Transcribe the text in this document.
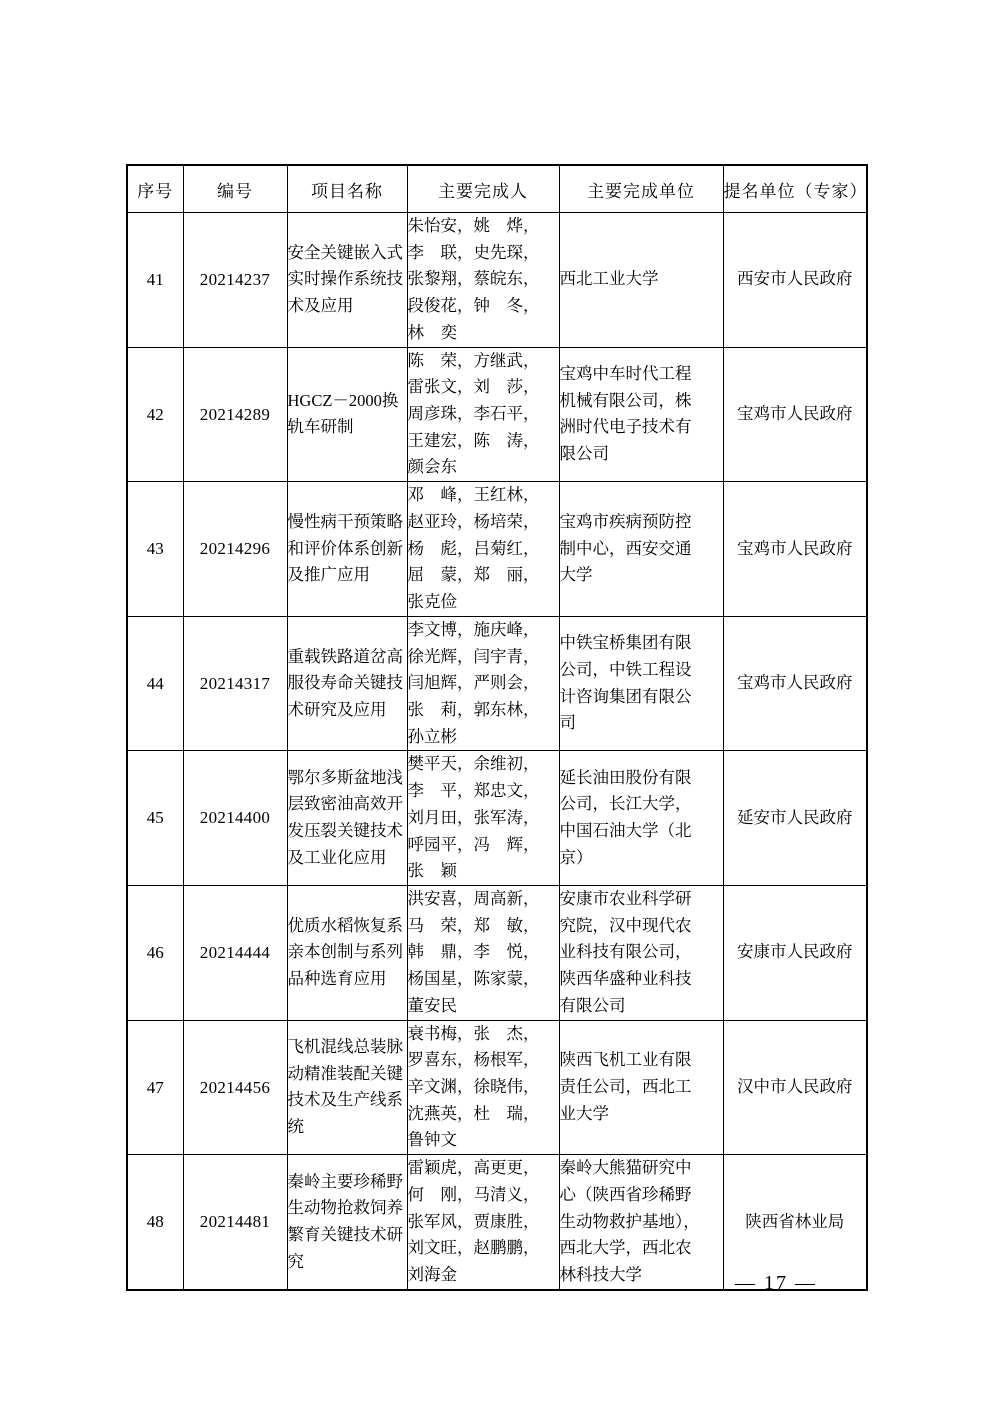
序号	编号	项目名称	主要完成人	主要完成单位	提名单位（专家）
41	20214237	安全关键嵌入式
实时操作系统技
术及应用	朱怡安，姚　烨，
李　联，史先琛，
张黎翔，蔡皖东，
段俊花，钟　冬，
林　奕	西北工业大学	西安市人民政府
42	20214289	HGCZ－2000换
轨车研制	陈　荣，方继武，
雷张文，刘　莎，
周彦珠，李石平，
王建宏，陈　涛，
颜会东	宝鸡中车时代工程
机械有限公司，株
洲时代电子技术有
限公司	宝鸡市人民政府
43	20214296	慢性病干预策略
和评价体系创新
及推广应用	邓　峰，王红林，
赵亚玲，杨培荣，
杨　彪，吕菊红，
屈　蒙，郑　丽，
张克俭	宝鸡市疾病预防控
制中心，西安交通
大学	宝鸡市人民政府
44	20214317	重载铁路道岔高
服役寿命关键技
术研究及应用	李文博，施庆峰，
徐光辉，闫宇青，
闫旭辉，严则会，
张　莉，郭东林，
孙立彬	中铁宝桥集团有限
公司，中铁工程设
计咨询集团有限公
司	宝鸡市人民政府
45	20214400	鄂尔多斯盆地浅
层致密油高效开
发压裂关键技术
及工业化应用	樊平天，余维初，
李　平，郑忠文，
刘月田，张军涛，
呼园平，冯　辉，
张　颖	延长油田股份有限
公司，长江大学，
中国石油大学（北
京）	延安市人民政府
46	20214444	优质水稻恢复系
亲本创制与系列
品种选育应用	洪安喜，周高新，
马　荣，郑　敏，
韩　鼎，李　悦，
杨国星，陈家蒙，
董安民	安康市农业科学研
究院，汉中现代农
业科技有限公司，
陕西华盛种业科技
有限公司	安康市人民政府
47	20214456	飞机混线总装脉
动精准装配关键
技术及生产线系
统	衰书梅，张　杰，
罗喜东，杨根军，
辛文渊，徐晓伟，
沈燕英，杜　瑞，
鲁钟文	陕西飞机工业有限
责任公司，西北工
业大学	汉中市人民政府
48	20214481	秦岭主要珍稀野
生动物抢救饲养
繁育关键技术研
究	雷颖虎，高更更，
何　刚，马清义，
张军风，贾康胜，
刘文旺，赵鹏鹏，
刘海金	秦岭大熊猫研究中
心（陕西省珍稀野
生动物救护基地），
西北大学，西北农
林科技大学	陕西省林业局
— 17 —
